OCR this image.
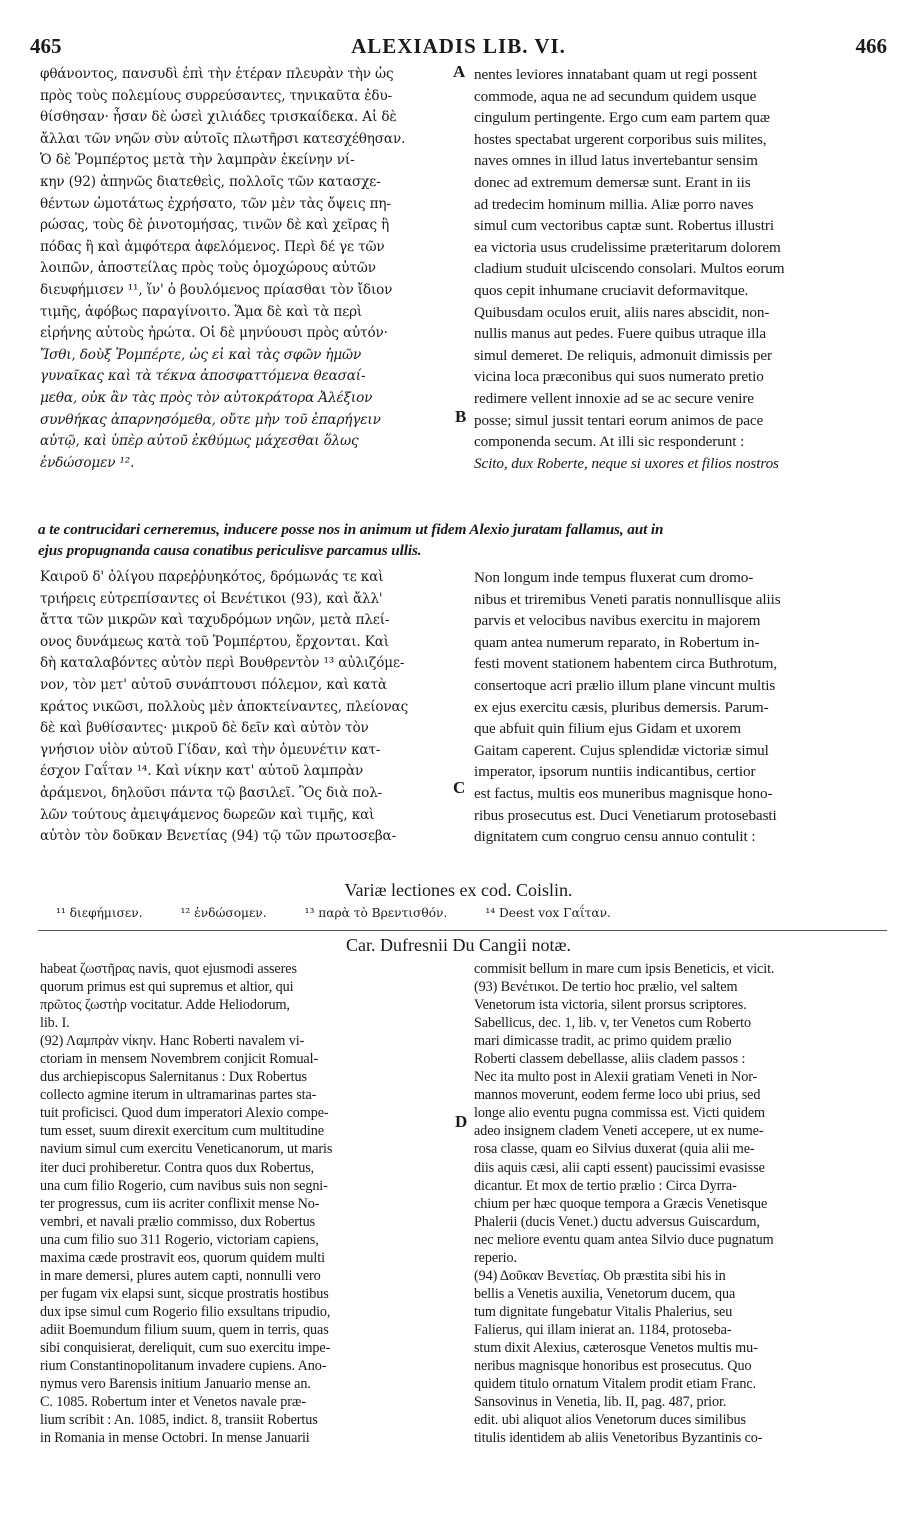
465	ALEXIADIS LIB. VI.	466
φθάνοντος, πανσυδὶ ἐπὶ τὴν ἑτέραν πλευρὰν τὴν ὡς
πρὸς τοὺς πολεμίους συρρεύσαντες, τηνικαῦτα ἐδυ-
θίσθησαν· ἦσαν δὲ ὡσεὶ χιλιάδες τρισκαίδεκα. Αἱ δὲ
ἄλλαι τῶν νηῶν σὺν αὐτοῖς πλωτῆρσι κατεσχέθησαν.
Ὁ δὲ Ῥομπέρτος μετὰ τὴν λαμπρὰν ἐκείνην νί-
κην (92) ἀπηνῶς διατεθεὶς, πολλοῖς τῶν κατασχε-
θέντων ὠμοτάτως ἐχρήσατο, τῶν μὲν τὰς ὄψεις πη-
ρώσας, τοὺς δὲ ῥινοτομήσας, τινῶν δὲ καὶ χεῖρας ἢ
πόδας ἢ καὶ ἀμφότερα ἀφελόμενος. Περὶ δέ γε τῶν
λοιπῶν, ἀποστείλας πρὸς τοὺς ὁμοχώρους αὐτῶν
διευφήμισεν ¹¹, ἵν' ὁ βουλόμενος πρίασθαι τὸν ἴδιον
τιμῆς, ἀφόβως παραγίνοιτο. Ἅμα δὲ καὶ τὰ περὶ
εἰρήνης αὐτοὺς ἠρώτα. Οἱ δὲ μηνύουσι πρὸς αὐτόν·
Ἴσθι, δοὺξ Ῥομπέρτε, ὡς εἰ καὶ τὰς σφῶν ἡμῶν
γυναῖκας καὶ τὰ τέκνα ἀποσφαττόμενα θεασαί-
μεθα, οὐκ ἂν τὰς πρὸς τὸν αὐτοκράτορα Ἀλέξιον
συνθήκας ἀπαρνησόμεθα, οὔτε μὴν τοῦ ἐπαρήγειν
αὐτῷ, καὶ ὑπὲρ αὐτοῦ ἐκθύμως μάχεσθαι ὅλως
ἐνδώσομεν ¹².
nentes leviores innatabant quam ut regi possent
commode, aqua ne ad secundum quidem usque
cingulum pertingente. Ergo cum eam partem quæ
hostes spectabat urgerent corporibus suis milites,
naves omnes in illud latus invertebantur sensim
donec ad extremum demersæ sunt. Erant in iis
ad tredecim hominum millia. Aliæ porro naves
simul cum vectoribus captæ sunt. Robertus illustri
ea victoria usus crudelissime præteritarum dolorem
cladium studuit ulciscendo consolari. Multos eorum
quos cepit inhumane cruciavit deformavitque.
Quibusdam oculos eruit, aliis nares abscidit, non-
nullis manus aut pedes. Fuere quibus utraque illa
simul demeret. De reliquis, admonuit dimissis per
vicina loca præconibus qui suos numerato pretio
redimere vellent innoxie ad se ac secure venire
posse; simul jussit tentari eorum animos de pace
componenda secum. At illi sic responderunt :
Scito, dux Roberte, neque si uxores et filios nostros
A
B
a te contrucidari cerneremus, inducere posse nos in animum ut fidem Alexio juratam fallamus, aut in
ejus propugnanda causa conatibus periculisve parcamus ullis.
Καιροῦ δ' ὀλίγου παρεῤῥυηκότος, δρόμωνάς τε καὶ
τριήρεις εὐτρεπίσαντες οἱ Βενέτικοι (93), καὶ ἄλλ'
ἄττα τῶν μικρῶν καὶ ταχυδρόμων νηῶν, μετὰ πλεί-
ονος δυνάμεως κατὰ τοῦ Ῥομπέρτου, ἔρχονται. Καὶ
δὴ καταλαβόντες αὐτὸν περὶ Βουθρεντὸν ¹³ αὐλιζόμε-
νον, τὸν μετ' αὐτοῦ συνάπτουσι πόλεμον, καὶ κατὰ
κράτος νικῶσι, πολλοὺς μὲν ἀποκτείναντες, πλείονας
δὲ καὶ βυθίσαντες· μικροῦ δὲ δεῖν καὶ αὐτὸν τὸν
γνήσιον υἱὸν αὐτοῦ Γίδαν, καὶ τὴν ὁμευνέτιν κατ-
έσχον Γαΐταν ¹⁴. Καὶ νίκην κατ' αὐτοῦ λαμπρὰν
ἀράμενοι, δηλοῦσι πάντα τῷ βασιλεῖ. Ὃς διὰ πολ-
λῶν τούτους ἀμειψάμενος δωρεῶν καὶ τιμῆς, καὶ
αὐτὸν τὸν δοῦκαν Βενετίας (94) τῷ τῶν πρωτοσεβα-
Non longum inde tempus fluxerat cum dromo-
nibus et triremibus Veneti paratis nonnullisque aliis
parvis et velocibus navibus exercitu in majorem
quam antea numerum reparato, in Robertum in-
festi movent stationem habentem circa Buthrotum,
consertoque acri prælio illum plane vincunt multis
ex ejus exercitu cæsis, pluribus demersis. Parum-
que abfuit quin filium ejus Gidam et uxorem
Gaitam caperent. Cujus splendidæ victoriæ simul
imperator, ipsorum nuntiis indicantibus, certior
est factus, multis eos muneribus magnisque hono-
ribus prosecutus est. Duci Venetiarum protosebasti
dignitatem cum congruo censu annuo contulit :
C
Variæ lectiones ex cod. Coislin.
¹¹ διεφήμισεν.	¹² ἐνδώσομεν.	¹³ παρὰ τὸ Βρεντισθόν.	¹⁴ Deest vox Γαΐταν.
Car. Dufresnii Du Cangii notæ.
habeat ζωστῆρας navis, quot ejusmodi asseres
quorum primus est qui supremus et altior, qui
πρῶτος ζωστὴρ vocitatur. Adde Heliodorum,
lib. I.
(92) Λαμπρὰν νίκην. Hanc Roberti navalem vi-
ctoriam in mensem Novembrem conjicit Romual-
dus archiepiscopus Salernitanus : Dux Robertus
collecto agmine iterum in ultramarinas partes sta-
tuit proficisci. Quod dum imperatori Alexio compe-
tum esset, suum direxit exercitum cum multitudine
navium simul cum exercitu Veneticanorum, ut maris
iter duci prohiberetur. Contra quos dux Robertus,
una cum filio Rogerio, cum navibus suis non segni-
ter progressus, cum iis acriter conflixit mense No-
vembri, et navali prælio commisso, dux Robertus
una cum filio suo 311 Rogerio, victoriam capiens,
maxima cæde prostravit eos, quorum quidem multi
in mare demersi, plures autem capti, nonnulli vero
per fugam vix elapsi sunt, sicque prostratis hostibus
dux ipse simul cum Rogerio filio exsultans tripudio,
adiit Boemundum filium suum, quem in terris, quas
sibi conquisierat, dereliquit, cum suo exercitu impe-
rium Constantinopolitanum invadere cupiens. Ano-
nymus vero Barensis initium Januario mense an.
C. 1085. Robertum inter et Venetos navale præ-
lium scribit : An. 1085, indict. 8, transiit Robertus
in Romania in mense Octobri. In mense Januarii
commisit bellum in mare cum ipsis Beneticis, et vicit.
(93) Βενέτικοι. De tertio hoc prælio, vel saltem
Venetorum ista victoria, silent prorsus scriptores.
Sabellicus, dec. 1, lib. v, ter Venetos cum Roberto
mari dimicasse tradit, ac primo quidem prælio
Roberti classem debellasse, aliis cladem passos :
Nec ita multo post in Alexii gratiam Veneti in Nor-
mannos moverunt, eodem ferme loco ubi prius, sed
longe alio eventu pugna commissa est. Victi quidem
adeo insignem cladem Veneti accepere, ut ex nume-
rosa classe, quam eo Silvius duxerat (quia alii me-
diis aquis cæsi, alii capti essent) paucissimi evasisse
dicantur. Et mox de tertio prælio : Circa Dyrra-
chium per hæc quoque tempora a Græcis Venetisque
Phalerii (ducis Venet.) ductu adversus Guiscardum,
nec meliore eventu quam antea Silvio duce pugnatum
reperio.
(94) Δοῦκαν Βενετίας. Ob præstita sibi his in
bellis a Venetis auxilia, Venetorum ducem, qua
tum dignitate fungebatur Vitalis Phalerius, seu
Falierus, qui illam inierat an. 1184, protoseba-
stum dixit Alexius, cæterosque Venetos multis mu-
neribus magnisque honoribus est prosecutus. Quo
quidem titulo ornatum Vitalem prodit etiam Franc.
Sansovinus in Venetia, lib. II, pag. 487, prior.
edit. ubi aliquot alios Venetorum duces similibus
titulis identidem ab aliis Venetoribus Byzantinis co-
D
